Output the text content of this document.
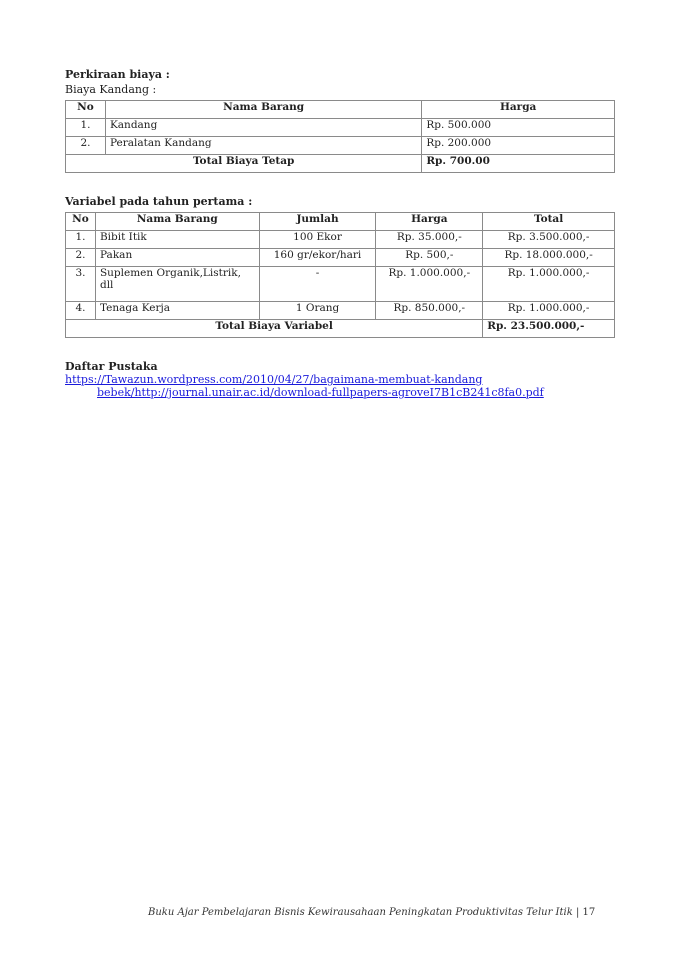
Perkiraan biaya :

Biaya Kandang :

No	Nama Barang	Harga
1.	Kandang	Rp. 500.000
2.	Peralatan Kandang	Rp. 200.000
Total Biaya Tetap		Rp. 700.00

Variabel pada tahun pertama :

No	Nama Barang	Jumlah	Harga	Total
1.	Bibit Itik	100 Ekor	Rp. 35.000,-	Rp. 3.500.000,-
2.	Pakan	160 gr/ekor/hari	Rp. 500,-	Rp. 18.000.000,-
3.	Suplemen Organik,Listrik, dll	-	Rp. 1.000.000,-	Rp. 1.000.000,-
4.	Tenaga Kerja	1 Orang	Rp. 850.000,-	Rp. 1.000.000,-
Total Biaya Variabel				Rp. 23.500.000,-

Daftar Pustaka

https://Tawazun.wordpress.com/2010/04/27/bagaimana-membuat-kandang
bebek/http://journal.unair.ac.id/download-fullpapers-agroveI7B1cB241c8fa0.pdf
Buku Ajar Pembelajaran Bisnis Kewirausahaan Peningkatan Produktivitas Telur Itik | 17
